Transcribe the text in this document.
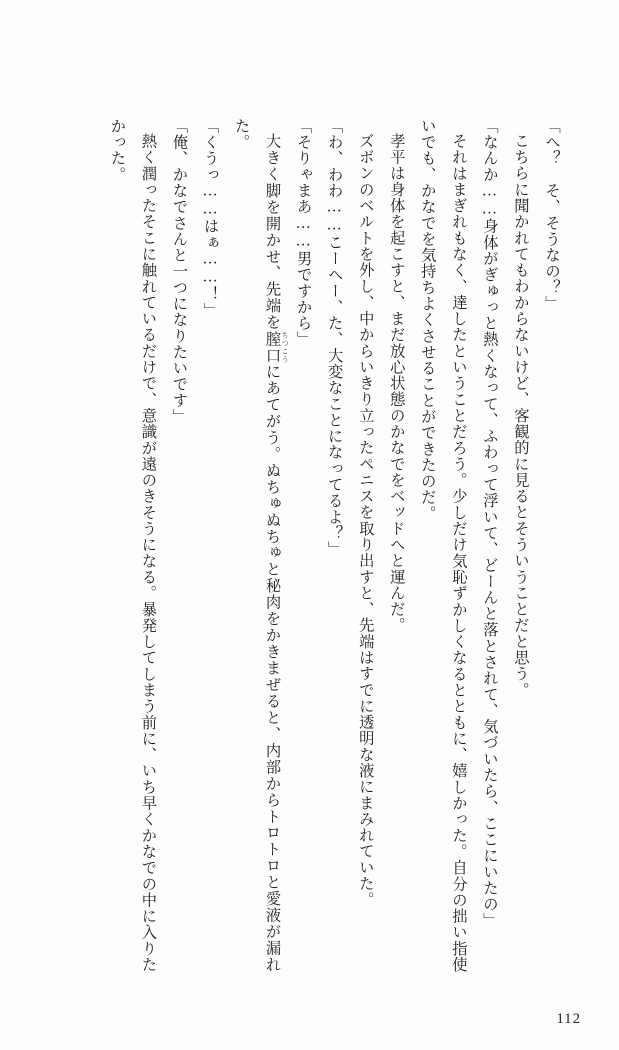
「へ？　そ、そうなの？」

こちらに聞かれてもわからないけど、客観的に見るとそういうことだと思う。

「なんか……身体がぎゅっと熱くなって、ふわって浮いて、どーんと落とされて、気づいたら、ここにいたの」

それはまぎれもなく、達したということだろう。少しだけ気恥ずかしくなるとともに、嬉しかった。自分の拙い指使いでも、かなでを気持ちよくさせることができたのだ。

孝平は身体を起こすと、まだ放心状態のかなでをベッドへと運んだ。

ズボンのベルトを外し、中からいきり立ったペニスを取り出すと、先端はすでに透明な液にまみれていた。

「わ、わわ……こーへー、た、大変なことになってるよ？」

「そりゃまあ……男ですから」

大きく脚を開かせ、先端を膣口 ちつこうにあてがう。ぬちゅぬちゅと秘肉をかきまぜると、内部からトロトロと愛液が漏れた。

「くうっ……はぁ……！」

「俺、かなでさんと一つになりたいです」

熱く潤ったそこに触れているだけで、意識が遠のきそうになる。暴発してしまう前に、いち早くかなでの中に入りたかった。

112
